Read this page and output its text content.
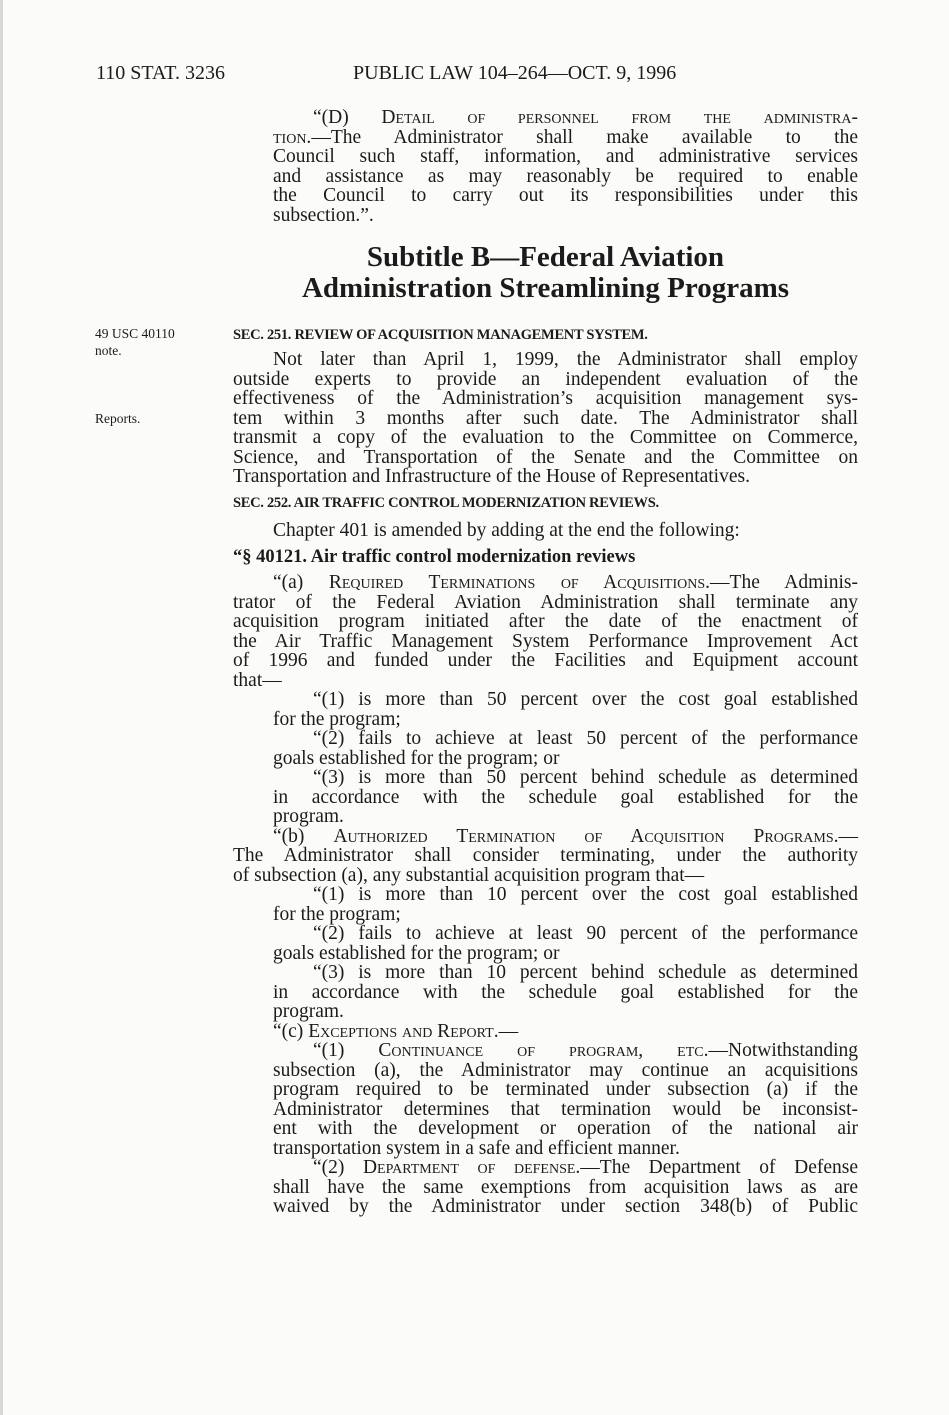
110 STAT. 3236	PUBLIC LAW 104–264—OCT. 9, 1996
“(D) Detail of personnel from the administra-
tion.—The Administrator shall make available to the
Council such staff, information, and administrative services
and assistance as may reasonably be required to enable
the Council to carry out its responsibilities under this
subsection.”.
Subtitle B—Federal Aviation
Administration Streamlining Programs
49 USC 40110
note.
Reports.
SEC. 251. REVIEW OF ACQUISITION MANAGEMENT SYSTEM.
Not later than April 1, 1999, the Administrator shall employ
outside experts to provide an independent evaluation of the
effectiveness of the Administration’s acquisition management sys-
tem within 3 months after such date. The Administrator shall
transmit a copy of the evaluation to the Committee on Commerce,
Science, and Transportation of the Senate and the Committee on
Transportation and Infrastructure of the House of Representatives.
SEC. 252. AIR TRAFFIC CONTROL MODERNIZATION REVIEWS.
Chapter 401 is amended by adding at the end the following:
“§ 40121. Air traffic control modernization reviews
“(a) Required Terminations of Acquisitions.—The Adminis-
trator of the Federal Aviation Administration shall terminate any
acquisition program initiated after the date of the enactment of
the Air Traffic Management System Performance Improvement Act
of 1996 and funded under the Facilities and Equipment account
that—
“(1) is more than 50 percent over the cost goal established
for the program;
“(2) fails to achieve at least 50 percent of the performance
goals established for the program; or
“(3) is more than 50 percent behind schedule as determined
in accordance with the schedule goal established for the
program.
“(b) Authorized Termination of Acquisition Programs.—
The Administrator shall consider terminating, under the authority
of subsection (a), any substantial acquisition program that—
“(1) is more than 10 percent over the cost goal established
for the program;
“(2) fails to achieve at least 90 percent of the performance
goals established for the program; or
“(3) is more than 10 percent behind schedule as determined
in accordance with the schedule goal established for the
program.
“(c) Exceptions and Report.—
“(1) Continuance of program, etc.—Notwithstanding
subsection (a), the Administrator may continue an acquisitions
program required to be terminated under subsection (a) if the
Administrator determines that termination would be inconsist-
ent with the development or operation of the national air
transportation system in a safe and efficient manner.
“(2) Department of defense.—The Department of Defense
shall have the same exemptions from acquisition laws as are
waived by the Administrator under section 348(b) of Public
